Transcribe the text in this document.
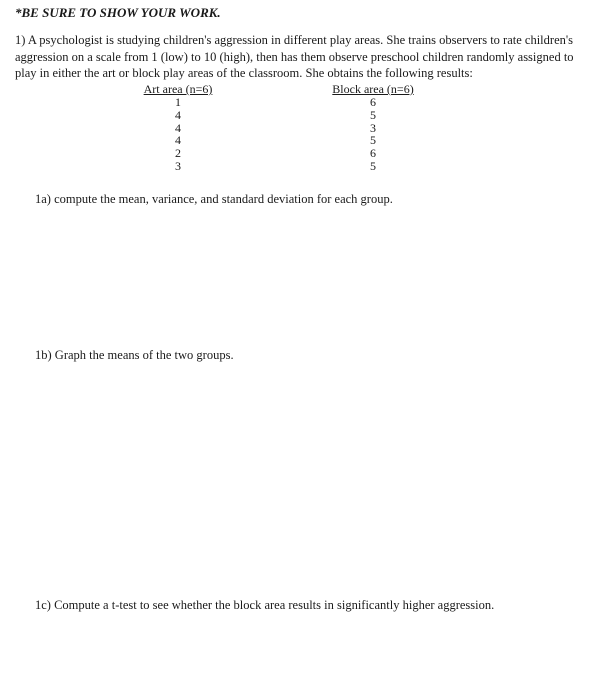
*BE SURE TO SHOW YOUR WORK.
1) A psychologist is studying children's aggression in different play areas. She trains observers to rate children's aggression on a scale from 1 (low) to 10 (high), then has them observe preschool children randomly assigned to play in either the art or block play areas of the classroom. She obtains the following results:
Art area (n=6)
1
4
4
4
2
3
Block area (n=6)
6
5
3
5
6
5
1a) compute the mean, variance, and standard deviation for each group.
1b) Graph the means of the two groups.
1c) Compute a t-test to see whether the block area results in significantly higher aggression.
